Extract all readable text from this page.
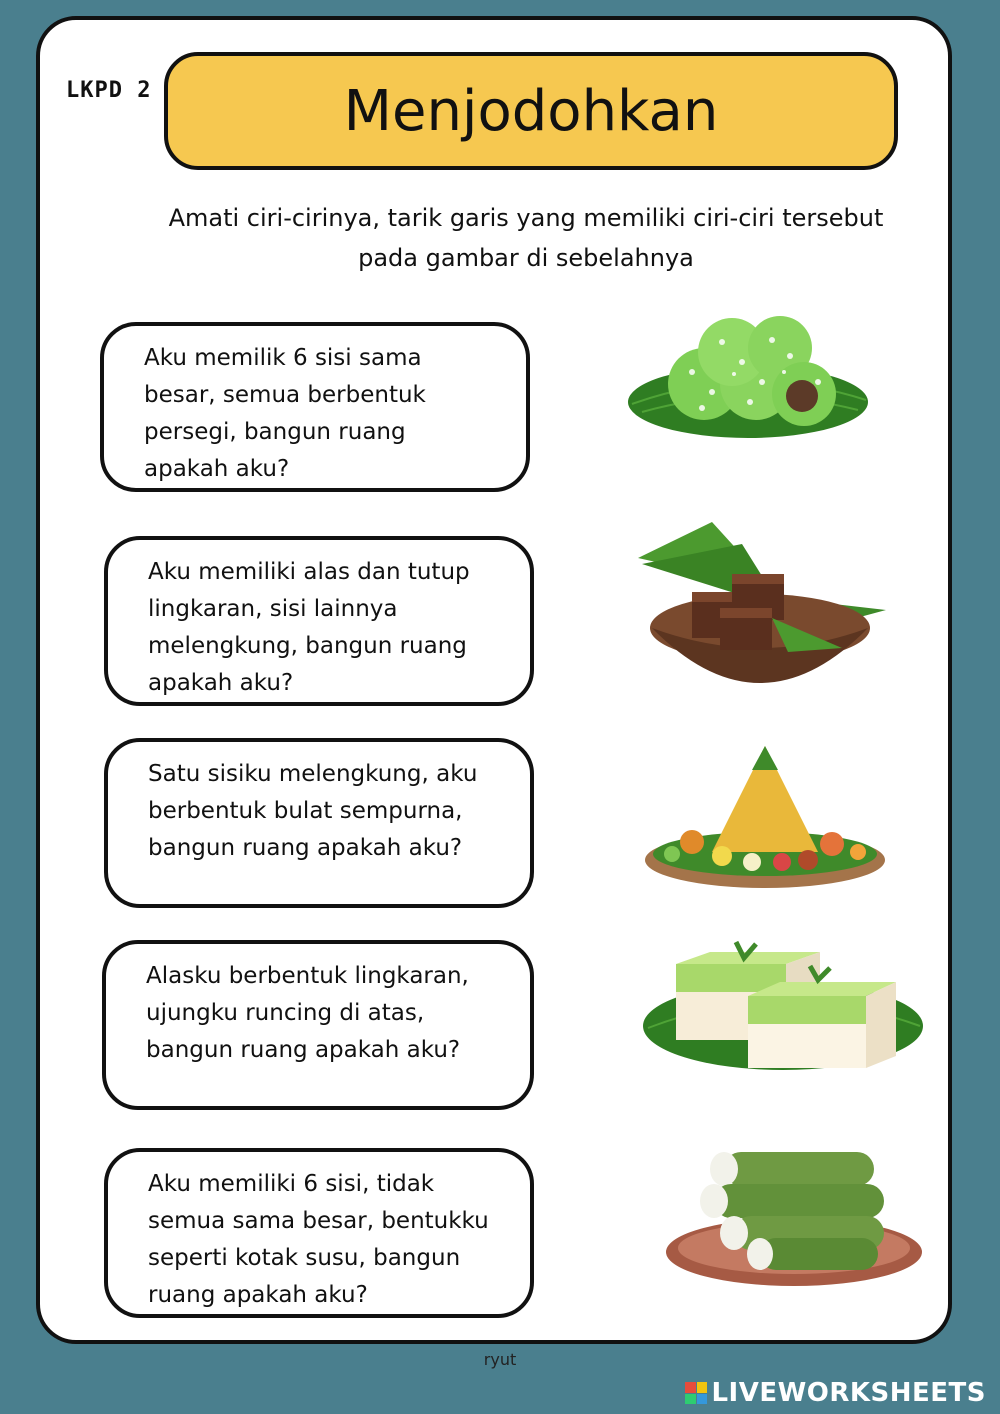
LKPD 2	Menjodohkan
Amati ciri-cirinya, tarik garis yang memiliki ciri-ciri tersebut
pada gambar di sebelahnya
Aku memilik 6 sisi sama
besar, semua berbentuk
persegi, bangun ruang
apakah aku?
Aku memiliki alas dan tutup
lingkaran, sisi lainnya
melengkung, bangun ruang
apakah aku?
Satu sisiku melengkung, aku
berbentuk bulat sempurna,
bangun ruang apakah aku?
Alasku berbentuk lingkaran,
ujungku runcing di atas,
bangun ruang apakah aku?
Aku memiliki 6 sisi, tidak
semua sama besar, bentukku
seperti kotak susu, bangun
ruang apakah aku?
ryut
LIVEWORKSHEETS
